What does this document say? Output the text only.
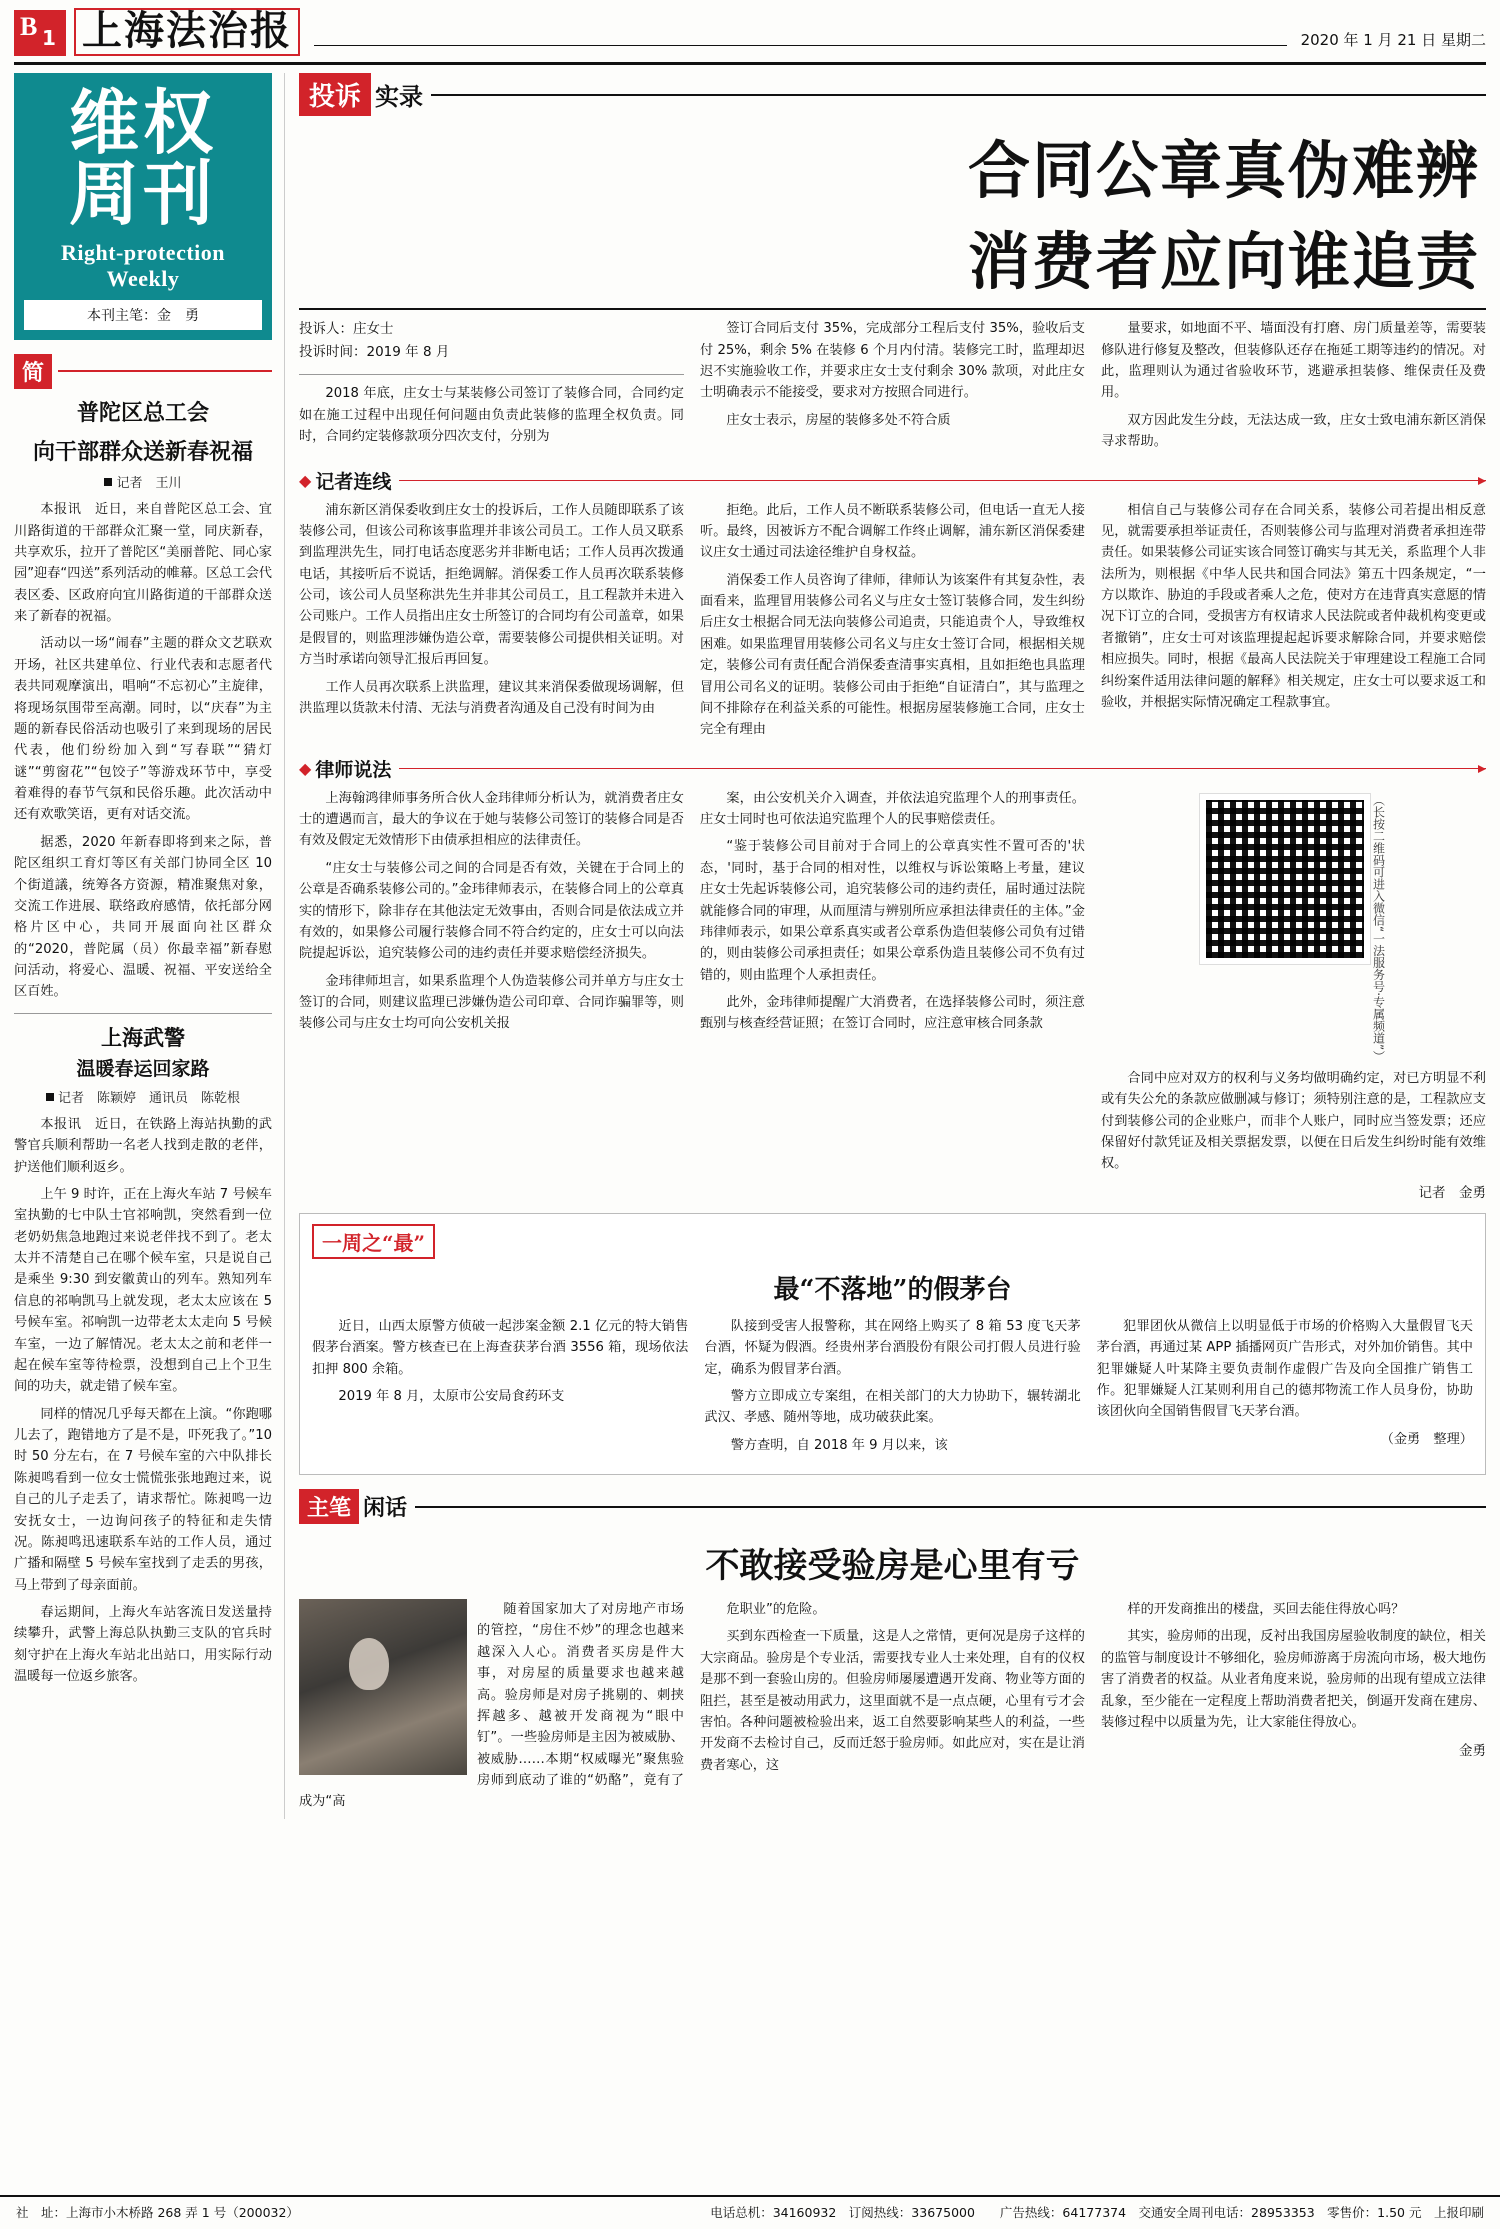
B 1 上海法治报	2020 年 1 月 21 日 星期二
维权
周刊
Right-protection Weekly
本刊主笔：金　勇
简
普陀区总工会
向干部群众送新春祝福
记者　王川

本报讯　近日，来自普陀区总工会、宜川路街道的干部群众汇聚一堂，同庆新春，共享欢乐，拉开了普陀区“美丽普陀、同心家园”迎春“四送”系列活动的帷幕。区总工会代表区委、区政府向宜川路街道的干部群众送来了新春的祝福。

活动以一场“闹春”主题的群众文艺联欢开场，社区共建单位、行业代表和志愿者代表共同观摩演出，唱响“不忘初心”主旋律，将现场氛围带至高潮。同时，以“庆春”为主题的新春民俗活动也吸引了来到现场的居民代表，他们纷纷加入到“写春联”“猜灯谜”“剪窗花”“包饺子”等游戏环节中，享受着难得的春节气氛和民俗乐趣。此次活动中还有欢歌笑语，更有对话交流。

据悉，2020 年新春即将到来之际，普陀区组织工育灯等区有关部门协同全区 10 个街道議，统筹各方资源，精准聚焦对象，交流工作进展、联络政府感情，依托部分网格片区中心，共同开展面向社区群众的“2020，普陀属（员）你最幸福”新春慰问活动，将爱心、温暖、祝福、平安送给全区百姓。

上海武警
温暖春运回家路
记者　陈颖婷　通讯员　陈乾根

本报讯　近日，在铁路上海站执勤的武警官兵顺利帮助一名老人找到走散的老伴，护送他们顺利返乡。

上午 9 时许，正在上海火车站 7 号候车室执勤的七中队士官祁响凯，突然看到一位老奶奶焦急地跑过来说老伴找不到了。老太太并不清楚自己在哪个候车室，只是说自己是乘坐 9:30 到安徽黄山的列车。熟知列车信息的祁响凯马上就发现，老太太应该在 5 号候车室。祁响凯一边带老太太走向 5 号候车室，一边了解情况。老太太之前和老伴一起在候车室等待检票，没想到自己上个卫生间的功夫，就走错了候车室。

同样的情况几乎每天都在上演。“你跑哪儿去了，跑错地方了是不是，吓死我了。”10 时 50 分左右，在 7 号候车室的六中队排长陈昶鸣看到一位女士慌慌张张地跑过来，说自己的儿子走丢了，请求帮忙。陈昶鸣一边安抚女士，一边询问孩子的特征和走失情况。陈昶鸣迅速联系车站的工作人员，通过广播和隔壁 5 号候车室找到了走丢的男孩，马上带到了母亲面前。

春运期间，上海火车站客流日发送量持续攀升，武警上海总队执勤三支队的官兵时刻守护在上海火车站北出站口，用实际行动温暖每一位返乡旅客。

投诉 实录
合同公章真伪难辨
消费者应向谁追责
投诉人：庄女士
投诉时间：2019 年 8 月

2018 年底，庄女士与某装修公司签订了装修合同，合同约定如在施工过程中出现任何问题由负责此装修的监理全权负责。同时，合同约定装修款项分四次支付，分别为

签订合同后支付 35%，完成部分工程后支付 35%，验收后支付 25%，剩余 5% 在装修 6 个月内付清。装修完工时，监理却迟迟不实施验收工作，并要求庄女士支付剩余 30% 款项，对此庄女士明确表示不能接受，要求对方按照合同进行。

庄女士表示，房屋的装修多处不符合质

量要求，如地面不平、墙面没有打磨、房门质量差等，需要装修队进行修复及整改，但装修队还存在拖延工期等违约的情况。对此，监理则认为通过省验收环节，逃避承担装修、维保责任及费用。

双方因此发生分歧，无法达成一致，庄女士致电浦东新区消保寻求帮助。

◆ 记者连线

浦东新区消保委收到庄女士的投诉后，工作人员随即联系了该装修公司，但该公司称该事监理并非该公司员工。工作人员又联系到监理洪先生，同打电话态度恶劣并非断电话；工作人员再次拨通电话，其接听后不说话，拒绝调解。消保委工作人员再次联系装修公司，该公司人员坚称洪先生并非其公司员工，且工程款并未进入公司账户。工作人员指出庄女士所签订的合同均有公司盖章，如果是假冒的，则监理涉嫌伪造公章，需要装修公司提供相关证明。对方当时承诺向领导汇报后再回复。

工作人员再次联系上洪监理，建议其来消保委做现场调解，但洪监理以货款未付清、无法与消费者沟通及自己没有时间为由

拒绝。此后，工作人员不断联系装修公司，但电话一直无人接听。最终，因被诉方不配合调解工作终止调解，浦东新区消保委建议庄女士通过司法途径维护自身权益。

消保委工作人员咨询了律师，律师认为该案件有其复杂性，表面看来，监理冒用装修公司名义与庄女士签订装修合同，发生纠纷后庄女士根据合同无法向装修公司追责，只能追责个人，导致维权困难。如果监理冒用装修公司名义与庄女士签订合同，根据相关规定，装修公司有责任配合消保委查清事实真相，且如拒绝也具监理冒用公司名义的证明。装修公司由于拒绝“自证清白”，其与监理之间不排除存在利益关系的可能性。根据房屋装修施工合同，庄女士完全有理由

相信自己与装修公司存在合同关系，装修公司若提出相反意见，就需要承担举证责任，否则装修公司与监理对消费者承担连带责任。如果装修公司证实该合同签订确实与其无关，系监理个人非法所为，则根据《中华人民共和国合同法》第五十四条规定，“一方以欺诈、胁迫的手段或者乘人之危，使对方在违背真实意愿的情况下订立的合同，受损害方有权请求人民法院或者仲裁机构变更或者撤销”，庄女士可对该监理提起起诉要求解除合同，并要求赔偿相应损失。同时，根据《最高人民法院关于审理建设工程施工合同纠纷案件适用法律问题的解释》相关规定，庄女士可以要求返工和验收，并根据实际情况确定工程款事宜。

◆ 律师说法

上海翰鸿律师事务所合伙人金玮律师分析认为，就消费者庄女士的遭遇而言，最大的争议在于她与装修公司签订的装修合同是否有效及假定无效情形下由债承担相应的法律责任。

“庄女士与装修公司之间的合同是否有效，关键在于合同上的公章是否确系装修公司的。”金玮律师表示，在装修合同上的公章真实的情形下，除非存在其他法定无效事由，否则合同是依法成立并有效的，如果修公司履行装修合同不符合约定的，庄女士可以向法院提起诉讼，追究装修公司的违约责任并要求赔偿经济损失。

金玮律师坦言，如果系监理个人伪造装修公司并单方与庄女士签订的合同，则建议监理已涉嫌伪造公司印章、合同诈骗罪等，则装修公司与庄女士均可向公安机关报

案，由公安机关介入调查，并依法追究监理个人的刑事责任。庄女士同时也可依法追究监理个人的民事赔偿责任。

“鉴于装修公司目前对于合同上的公章真实性不置可否的'状态，'同时，基于合同的相对性，以维权与诉讼策略上考量，建议庄女士先起诉装修公司，追究装修公司的违约责任，届时通过法院就能修合同的审理，从而厘清与辨别所应承担法律责任的主体。”金玮律师表示，如果公章系真实或者公章系伪造但装修公司负有过错的，则由装修公司承担责任；如果公章系伪造且装修公司不负有过错的，则由监理个人承担责任。

此外，金玮律师提醒广大消费者，在选择装修公司时，须注意甄别与核查经营证照；在签订合同时，应注意审核合同条款	（长按二维码可进入微信“一法服务号·专属频道”）

合同中应对双方的权利与义务均做明确约定，对已方明显不利或有失公允的条款应做删减与修订；须特别注意的是，工程款应支付到装修公司的企业账户，而非个人账户，同时应当签发票；还应保留好付款凭证及相关票据发票，以便在日后发生纠纷时能有效维权。

记者　金勇
一周之“最”
最“不落地”的假茅台

近日，山西太原警方侦破一起涉案金额 2.1 亿元的特大销售假茅台酒案。警方核查已在上海查获茅台酒 3556 箱，现场依法扣押 800 余箱。

2019 年 8 月，太原市公安局食药环支

队接到受害人报警称，其在网络上购买了 8 箱 53 度飞天茅台酒，怀疑为假酒。经贵州茅台酒股份有限公司打假人员进行验定，确系为假冒茅台酒。

警方立即成立专案组，在相关部门的大力协助下，辗转湖北武汉、孝感、随州等地，成功破获此案。

警方查明，自 2018 年 9 月以来，该

犯罪团伙从微信上以明显低于市场的价格购入大量假冒飞天茅台酒，再通过某 APP 插播网页广告形式，对外加价销售。其中犯罪嫌疑人叶某降主要负责制作虚假广告及向全国推广销售工作。犯罪嫌疑人江某则利用自己的德邦物流工作人员身份，协助该团伙向全国销售假冒飞天茅台酒。

（金勇　整理）

主笔 闲话
不敢接受验房是心里有亏

随着国家加大了对房地产市场的管控，“房住不炒”的理念也越来越深入人心。消费者买房是件大事，对房屋的质量要求也越来越高。验房师是对房子挑剔的、刺挟挥越多、越被开发商视为“眼中钉”。一些验房师是主因为被威胁、被威胁……本期“权威曝光”聚焦验房师到底动了谁的“奶酪”，竟有了成为“高

危职业”的危险。

买到东西检查一下质量，这是人之常情，更何况是房子这样的大宗商品。验房是个专业活，需要找专业人士来处理，自有的仪权是那不到一套验山房的。但验房师屡屡遭遇开发商、物业等方面的阻拦，甚至是被动用武力，这里面就不是一点点硬，心里有亏才会害怕。各种问题被检验出来，返工自然要影响某些人的利益，一些开发商不去检讨自己，反而迁怒于验房师。如此应对，实在是让消费者寒心，这

样的开发商推出的楼盘，买回去能住得放心吗？

其实，验房师的出现，反衬出我国房屋验收制度的缺位，相关的监管与制度设计不够细化，验房师游离于房流向市场，极大地伤害了消费者的权益。从业者角度来说，验房师的出现有望成立法律乱象，至少能在一定程度上帮助消费者把关，倒逼开发商在建房、装修过程中以质量为先，让大家能住得放心。

金勇
社　址：上海市小木桥路 268 弄 1 号（200032）	电话总机：34160932　订阅热线：33675000　　广告热线：64177374　交通安全周刊电话：28953353　零售价：1.50 元　上报印刷
